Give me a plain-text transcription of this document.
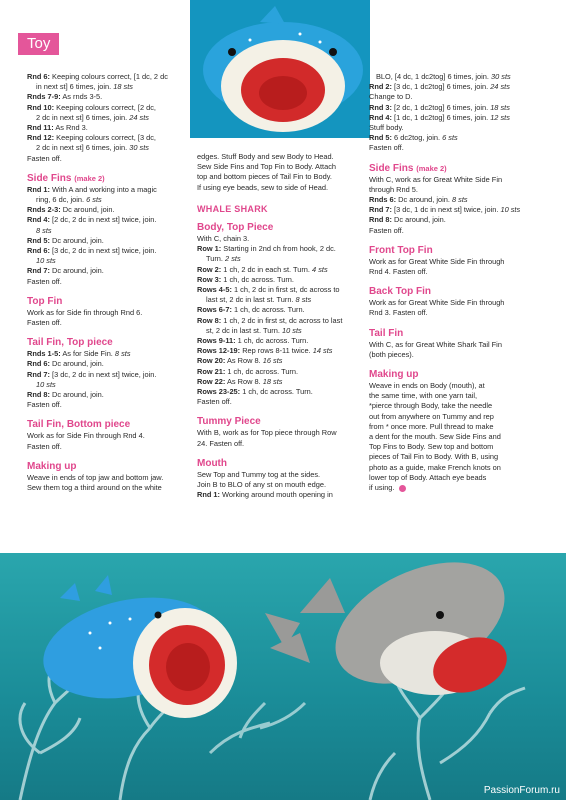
Toy

Rnd 6: Keeping colours correct, [1 dc, 2 dc

in next st] 6 times, join. 18 sts

Rnds 7-9: As rnds 3-5.

Rnd 10: Keeping colours correct, [2 dc,

2 dc in next st] 6 times, join. 24 sts

Rnd 11: As Rnd 3.

Rnd 12: Keeping colours correct, [3 dc,

2 dc in next st] 6 times, join. 30 sts

Fasten off.

Side Fins (make 2)

Rnd 1: With A and working into a magic

ring, 6 dc, join. 6 sts

Rnds 2-3: Dc around, join.

Rnd 4: [2 dc, 2 dc in next st] twice, join.

8 sts

Rnd 5: Dc around, join.

Rnd 6: [3 dc, 2 dc in next st] twice, join.

10 sts

Rnd 7: Dc around, join.

Fasten off.

Top Fin

Work as for Side fin through Rnd 6.

Fasten off.

Tail Fin, Top piece

Rnds 1-5: As for Side Fin. 8 sts

Rnd 6: Dc around, join.

Rnd 7: [3 dc, 2 dc in next st] twice, join.

10 sts

Rnd 8: Dc around, join.

Fasten off.

Tail Fin, Bottom piece

Work as for Side Fin through Rnd 4.

Fasten off.

Making up

Weave in ends of top jaw and bottom jaw.

Sew them tog a third around on the white

edges. Stuff Body and sew Body to Head.

Sew Side Fins and Top Fin to Body. Attach

top and bottom pieces of Tail Fin to Body.

If using eye beads, sew to side of Head.

WHALE SHARK

Body, Top Piece

With C, chain 3.

Row 1: Starting in 2nd ch from hook, 2 dc.

Turn. 2 sts

Row 2: 1 ch, 2 dc in each st. Turn. 4 sts

Row 3: 1 ch, dc across. Turn.

Rows 4-5: 1 ch, 2 dc in first st, dc across to

last st, 2 dc in last st. Turn. 8 sts

Rows 6-7: 1 ch, dc across. Turn.

Row 8: 1 ch, 2 dc in first st, dc across to last

st, 2 dc in last st. Turn. 10 sts

Rows 9-11: 1 ch, dc across. Turn.

Rows 12-19: Rep rows 8-11 twice. 14 sts

Row 20: As Row 8. 16 sts

Row 21: 1 ch, dc across. Turn.

Row 22: As Row 8. 18 sts

Rows 23-25: 1 ch, dc across. Turn.

Fasten off.

Tummy Piece

With B, work as for Top piece through Row

24. Fasten off.

Mouth

Sew Top and Tummy tog at the sides.

Join B to BLO of any st on mouth edge.

Rnd 1: Working around mouth opening in

BLO, [4 dc, 1 dc2tog] 6 times, join. 30 sts

Rnd 2: [3 dc, 1 dc2tog] 6 times, join. 24 sts

Change to D.

Rnd 3: [2 dc, 1 dc2tog] 6 times, join. 18 sts

Rnd 4: [1 dc, 1 dc2tog] 6 times, join. 12 sts

Stuff body.

Rnd 5: 6 dc2tog, join. 6 sts

Fasten off.

Side Fins (make 2)

With C, work as for Great White Side Fin

through Rnd 5.

Rnds 6: Dc around, join. 8 sts

Rnd 7: [3 dc, 1 dc in next st] twice, join. 10 sts

Rnd 8: Dc around, join.

Fasten off.

Front Top Fin

Work as for Great White Side Fin through

Rnd 4. Fasten off.

Back Top Fin

Work as for Great White Side Fin through

Rnd 3. Fasten off.

Tail Fin

With C, as for Great White Shark Tail Fin

(both pieces).

Making up

Weave in ends on Body (mouth), at

the same time, with one yarn tail,

*pierce through Body, take the needle

out from anywhere on Tummy and rep

from * once more. Pull thread to make

a dent for the mouth. Sew Side Fins and

Top Fins to Body. Sew top and bottom

pieces of Tail Fin to Body. With B, using

photo as a guide, make French knots on

lower top of Body. Attach eye beads

if using.

PassionForum.ru
